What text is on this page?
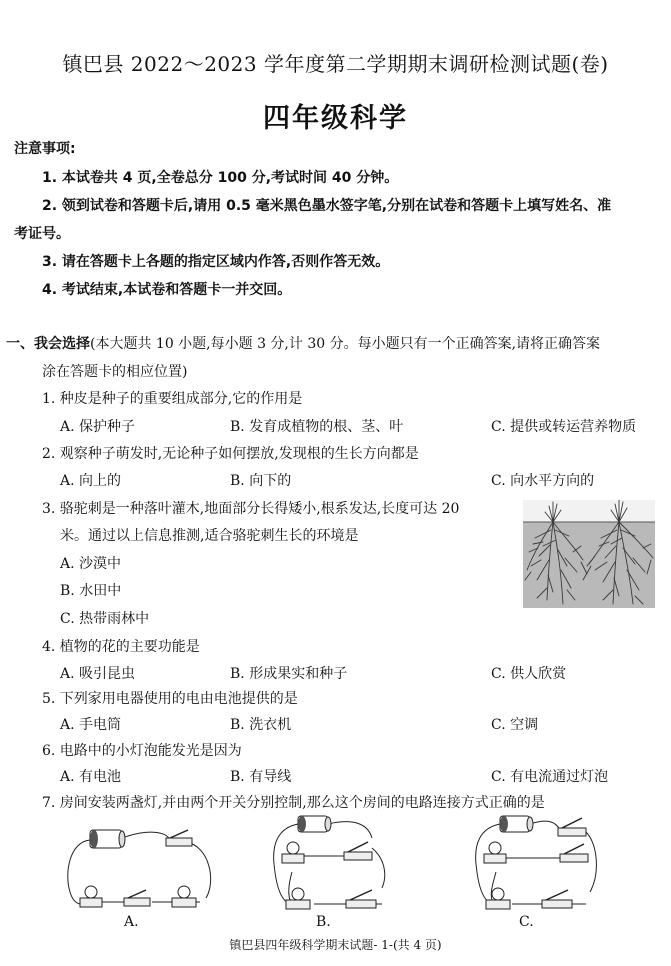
镇巴县 2022～2023 学年度第二学期期末调研检测试题(卷)
四年级科学
注意事项:
1. 本试卷共 4 页,全卷总分 100 分,考试时间 40 分钟。
2. 领到试卷和答题卡后,请用 0.5 毫米黑色墨水签字笔,分别在试卷和答题卡上填写姓名、准
考证号。
3. 请在答题卡上各题的指定区域内作答,否则作答无效。
4. 考试结束,本试卷和答题卡一并交回。
一、我会选择(本大题共 10 小题,每小题 3 分,计 30 分。每小题只有一个正确答案,请将正确答案
涂在答题卡的相应位置)
1. 种皮是种子的重要组成部分,它的作用是
A. 保护种子	B. 发育成植物的根、茎、叶	C. 提供或转运营养物质
2. 观察种子萌发时,无论种子如何摆放,发现根的生长方向都是
A. 向上的	B. 向下的	C. 向水平方向的
3. 骆驼刺是一种落叶灌木,地面部分长得矮小,根系发达,长度可达 20
米。通过以上信息推测,适合骆驼刺生长的环境是
A. 沙漠中
B. 水田中
C. 热带雨林中
4. 植物的花的主要功能是
A. 吸引昆虫	B. 形成果实和种子	C. 供人欣赏
5. 下列家用电器使用的电由电池提供的是
A. 手电筒	B. 洗衣机	C. 空调
6. 电路中的小灯泡能发光是因为
A. 有电池	B. 有导线	C. 有电流通过灯泡
7. 房间安装两盏灯,并由两个开关分别控制,那么这个房间的电路连接方式正确的是
A.	B.	C.
镇巴县四年级科学期末试题- 1-(共 4 页)
